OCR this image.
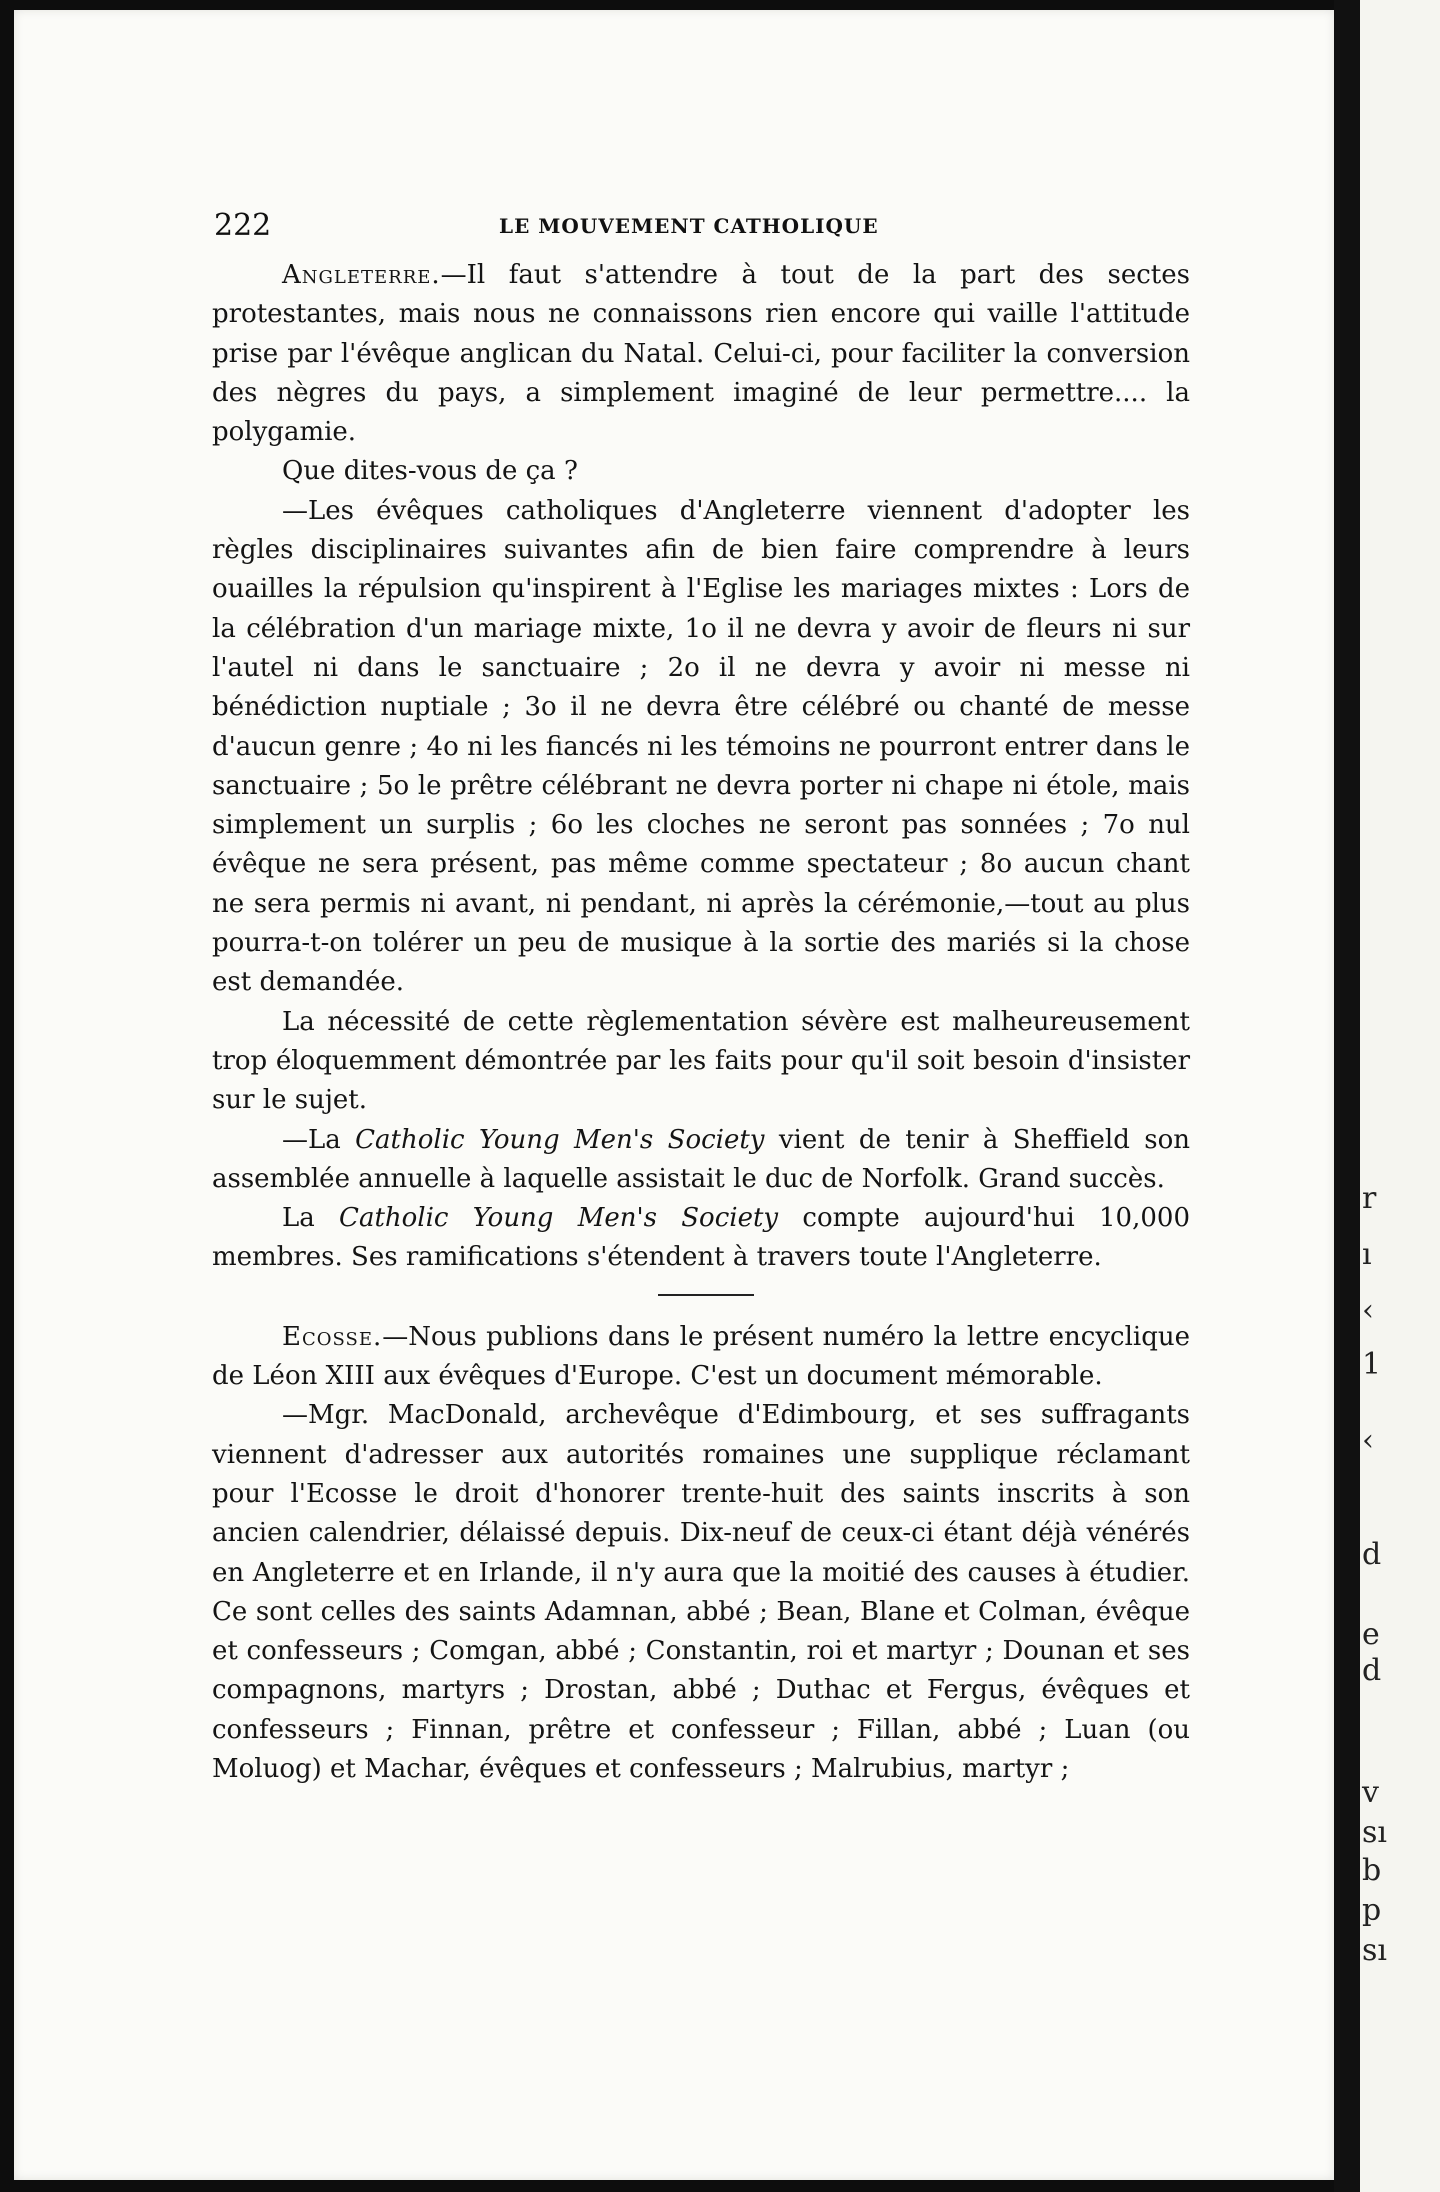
222	LE MOUVEMENT CATHOLIQUE

Angleterre.—Il faut s'attendre à tout de la part des sectes protestantes, mais nous ne connaissons rien encore qui vaille l'attitude prise par l'évêque anglican du Natal. Celui-ci, pour faciliter la conversion des nègres du pays, a simplement imaginé de leur permettre.... la polygamie.

Que dites-vous de ça ?

—Les évêques catholiques d'Angleterre viennent d'adopter les règles disciplinaires suivantes afin de bien faire comprendre à leurs ouailles la répulsion qu'inspirent à l'Eglise les mariages mixtes : Lors de la célébration d'un mariage mixte, 1o il ne devra y avoir de fleurs ni sur l'autel ni dans le sanctuaire ; 2o il ne devra y avoir ni messe ni bénédiction nuptiale ; 3o il ne devra être célébré ou chanté de messe d'aucun genre ; 4o ni les fiancés ni les témoins ne pourront entrer dans le sanctuaire ; 5o le prêtre célébrant ne devra porter ni chape ni étole, mais simplement un surplis ; 6o les cloches ne seront pas sonnées ; 7o nul évêque ne sera présent, pas même comme spectateur ; 8o aucun chant ne sera permis ni avant, ni pendant, ni après la cérémonie,—tout au plus pourra-t-on tolérer un peu de musique à la sortie des mariés si la chose est demandée.

La nécessité de cette règlementation sévère est malheureusement trop éloquemment démontrée par les faits pour qu'il soit besoin d'insister sur le sujet.

—La Catholic Young Men's Society vient de tenir à Sheffield son assemblée annuelle à laquelle assistait le duc de Norfolk. Grand succès.

La Catholic Young Men's Society compte aujourd'hui 10,000 membres. Ses ramifications s'étendent à travers toute l'Angleterre.

Ecosse.—Nous publions dans le présent numéro la lettre encyclique de Léon XIII aux évêques d'Europe. C'est un document mémorable.

—Mgr. MacDonald, archevêque d'Edimbourg, et ses suffragants viennent d'adresser aux autorités romaines une supplique réclamant pour l'Ecosse le droit d'honorer trente-huit des saints inscrits à son ancien calendrier, délaissé depuis. Dix-neuf de ceux-ci étant déjà vénérés en Angleterre et en Irlande, il n'y aura que la moitié des causes à étudier. Ce sont celles des saints Adamnan, abbé ; Bean, Blane et Colman, évêque et confesseurs ; Comgan, abbé ; Constantin, roi et martyr ; Dounan et ses compagnons, martyrs ; Drostan, abbé ; Duthac et Fergus, évêques et confesseurs ; Finnan, prêtre et confesseur ; Fillan, abbé ; Luan (ou Moluog) et Machar, évêques et confesseurs ; Malrubius, martyr ;

r
ı
‹
1
‹
d
e
d
v
sı
b
p
sı
